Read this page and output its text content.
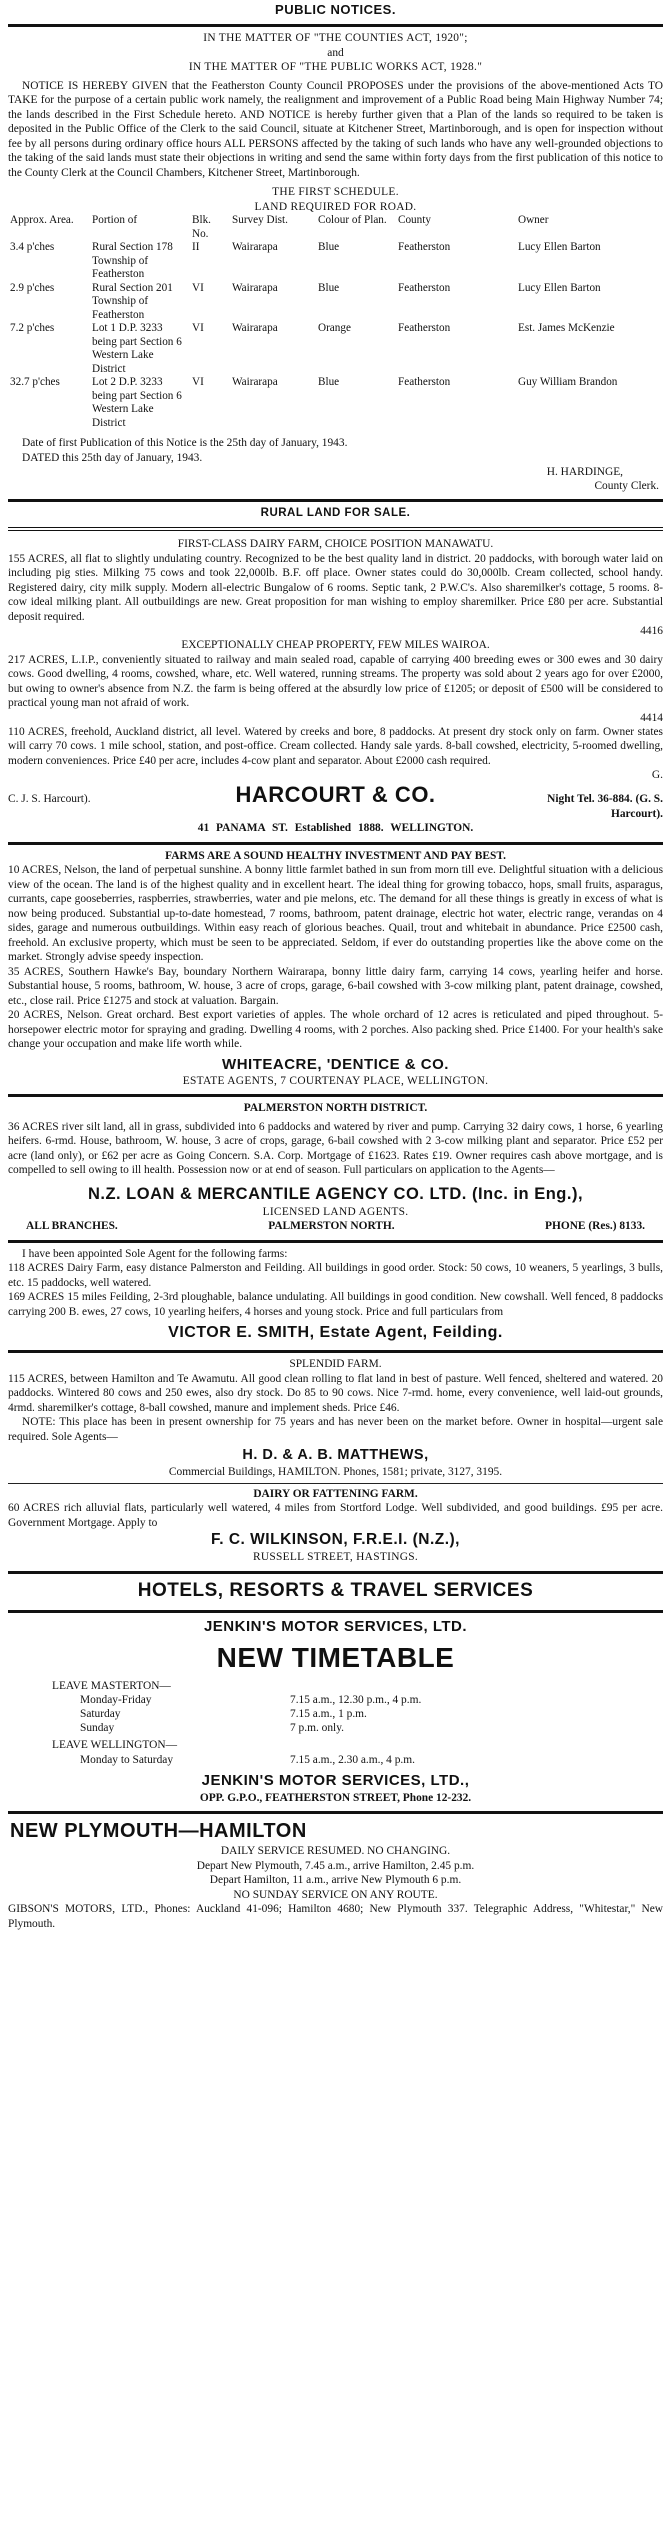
PUBLIC NOTICES.

IN THE MATTER OF "THE COUNTIES ACT, 1920";

and

IN THE MATTER OF "THE PUBLIC WORKS ACT, 1928."

NOTICE IS HEREBY GIVEN that the Featherston County Council PROPOSES under the provisions of the above-mentioned Acts TO TAKE for the purpose of a certain public work namely, the realignment and improvement of a Public Road being Main Highway Number 74; the lands described in the First Schedule hereto. AND NOTICE is hereby further given that a Plan of the lands so required to be taken is deposited in the Public Office of the Clerk to the said Council, situate at Kitchener Street, Martinborough, and is open for inspection without fee by all persons during ordinary office hours ALL PERSONS affected by the taking of such lands who have any well-grounded objections to the taking of the said lands must state their objections in writing and send the same within forty days from the first publication of this notice to the County Clerk at the Council Chambers, Kitchener Street, Martinborough.

THE FIRST SCHEDULE.

LAND REQUIRED FOR ROAD.

Approx. Area.	Portion of	Blk. No.	Survey Dist.	Colour of Plan.	County	Owner
3.4 p'ches	Rural Section 178 Township of Featherston	II	Wairarapa	Blue	Featherston	Lucy Ellen Barton
2.9 p'ches	Rural Section 201 Township of Featherston	VI	Wairarapa	Blue	Featherston	Lucy Ellen Barton
7.2 p'ches	Lot 1 D.P. 3233 being part Section 6 Western Lake District	VI	Wairarapa	Orange	Featherston	Est. James McKenzie
32.7 p'ches	Lot 2 D.P. 3233 being part Section 6 Western Lake District	VI	Wairarapa	Blue	Featherston	Guy William Brandon

Date of first Publication of this Notice is the 25th day of January, 1943.

DATED this 25th day of January, 1943.

H. HARDINGE,
County Clerk.
RURAL LAND FOR SALE.

FIRST-CLASS DAIRY FARM, CHOICE POSITION MANAWATU.

155 ACRES, all flat to slightly undulating country. Recognized to be the best quality land in district. 20 paddocks, with borough water laid on including pig sties. Milking 75 cows and took 22,000lb. B.F. off place. Owner states could do 30,000lb. Cream collected, school handy. Registered dairy, city milk supply. Modern all-electric Bungalow of 6 rooms. Septic tank, 2 P.W.C's. Also sharemilker's cottage, 5 rooms. 8-cow ideal milking plant. All outbuildings are new. Great proposition for man wishing to employ sharemilker. Price £80 per acre. Substantial deposit required.

4416

EXCEPTIONALLY CHEAP PROPERTY, FEW MILES WAIROA.

217 ACRES, L.I.P., conveniently situated to railway and main sealed road, capable of carrying 400 breeding ewes or 300 ewes and 30 dairy cows. Good dwelling, 4 rooms, cowshed, whare, etc. Well watered, running streams. The property was sold about 2 years ago for over £2000, but owing to owner's absence from N.Z. the farm is being offered at the absurdly low price of £1205; or deposit of £500 will be considered to practical young man not afraid of work.

4414

110 ACRES, freehold, Auckland district, all level. Watered by creeks and bore, 8 paddocks. At present dry stock only on farm. Owner states will carry 70 cows. 1 mile school, station, and post-office. Cream collected. Handy sale yards. 8-ball cowshed, electricity, 5-roomed dwelling, modern conveniences. Price £40 per acre, includes 4-cow plant and separator. About £2000 cash required.

G.
C. J. S. Harcourt).	HARCOURT & CO.	Night Tel. 36-884. (G. S. Harcourt).

41 PANAMA ST. Established 1888. WELLINGTON.

FARMS ARE A SOUND HEALTHY INVESTMENT AND PAY BEST.

10 ACRES, Nelson, the land of perpetual sunshine. A bonny little farmlet bathed in sun from morn till eve. Delightful situation with a delicious view of the ocean. The land is of the highest quality and in excellent heart. The ideal thing for growing tobacco, hops, small fruits, asparagus, currants, cape gooseberries, raspberries, strawberries, water and pie melons, etc. The demand for all these things is greatly in excess of what is now being produced. Substantial up-to-date homestead, 7 rooms, bathroom, patent drainage, electric hot water, electric range, verandas on 4 sides, garage and numerous outbuildings. Within easy reach of glorious beaches. Quail, trout and whitebait in abundance. Price £2500 cash, freehold. An exclusive property, which must be seen to be appreciated. Seldom, if ever do outstanding properties like the above come on the market. Strongly advise speedy inspection.

35 ACRES, Southern Hawke's Bay, boundary Northern Wairarapa, bonny little dairy farm, carrying 14 cows, yearling heifer and horse. Substantial house, 5 rooms, bathroom, W. house, 3 acre of crops, garage, 6-bail cowshed with 3-cow milking plant, patent drainage, cowshed, etc., close rail. Price £1275 and stock at valuation. Bargain.

20 ACRES, Nelson. Great orchard. Best export varieties of apples. The whole orchard of 12 acres is reticulated and piped throughout. 5-horsepower electric motor for spraying and grading. Dwelling 4 rooms, with 2 porches. Also packing shed. Price £1400. For your health's sake change your occupation and make life worth while.

WHITEACRE, 'DENTICE & CO.

ESTATE AGENTS, 7 COURTENAY PLACE, WELLINGTON.

PALMERSTON NORTH DISTRICT.

36 ACRES river silt land, all in grass, subdivided into 6 paddocks and watered by river and pump. Carrying 32 dairy cows, 1 horse, 6 yearling heifers. 6-rmd. House, bathroom, W. house, 3 acre of crops, garage, 6-bail cowshed with 2 3-cow milking plant and separator. Price £52 per acre (land only), or £62 per acre as Going Concern. S.A. Corp. Mortgage of £1623. Rates £19. Owner requires cash above mortgage, and is compelled to sell owing to ill health. Possession now or at end of season. Full particulars on application to the Agents—

N.Z. LOAN & MERCANTILE AGENCY CO. LTD. (Inc. in Eng.),

LICENSED LAND AGENTS.

ALL BRANCHES.	PALMERSTON NORTH.	PHONE (Res.) 8133.

I have been appointed Sole Agent for the following farms:

118 ACRES Dairy Farm, easy distance Palmerston and Feilding. All buildings in good order. Stock: 50 cows, 10 weaners, 5 yearlings, 3 bulls, etc. 15 paddocks, well watered.

169 ACRES 15 miles Feilding, 2-3rd ploughable, balance undulating. All buildings in good condition. New cowshall. Well fenced, 8 paddocks carrying 200 B. ewes, 27 cows, 10 yearling heifers, 4 horses and young stock. Price and full particulars from

VICTOR E. SMITH, Estate Agent, Feilding.

SPLENDID FARM.

115 ACRES, between Hamilton and Te Awamutu. All good clean rolling to flat land in best of pasture. Well fenced, sheltered and watered. 20 paddocks. Wintered 80 cows and 250 ewes, also dry stock. Do 85 to 90 cows. Nice 7-rmd. home, every convenience, well laid-out grounds, 4rmd. sharemilker's cottage, 8-ball cowshed, manure and implement sheds. Price £46.

NOTE: This place has been in present ownership for 75 years and has never been on the market before. Owner in hospital—urgent sale required. Sole Agents—

H. D. & A. B. MATTHEWS,

Commercial Buildings, HAMILTON. Phones, 1581; private, 3127, 3195.

DAIRY OR FATTENING FARM.

60 ACRES rich alluvial flats, particularly well watered, 4 miles from Stortford Lodge. Well subdivided, and good buildings. £95 per acre. Government Mortgage. Apply to

F. C. WILKINSON, F.R.E.I. (N.Z.),

RUSSELL STREET, HASTINGS.

HOTELS, RESORTS & TRAVEL SERVICES
JENKIN'S MOTOR SERVICES, LTD.
NEW TIMETABLE

LEAVE MASTERTON—

Monday-Friday	7.15 a.m., 12.30 p.m., 4 p.m.
Saturday	7.15 a.m., 1 p.m.
Sunday	7 p.m. only.

LEAVE WELLINGTON—

Monday to Saturday	7.15 a.m., 2.30 a.m., 4 p.m.
JENKIN'S MOTOR SERVICES, LTD.,

OPP. G.P.O., FEATHERSTON STREET, Phone 12-232.

NEW PLYMOUTH—HAMILTON

DAILY SERVICE RESUMED. NO CHANGING.

Depart New Plymouth, 7.45 a.m., arrive Hamilton, 2.45 p.m.

Depart Hamilton, 11 a.m., arrive New Plymouth 6 p.m.

NO SUNDAY SERVICE ON ANY ROUTE.

GIBSON'S MOTORS, LTD., Phones: Auckland 41-096; Hamilton 4680; New Plymouth 337. Telegraphic Address, "Whitestar," New Plymouth.
